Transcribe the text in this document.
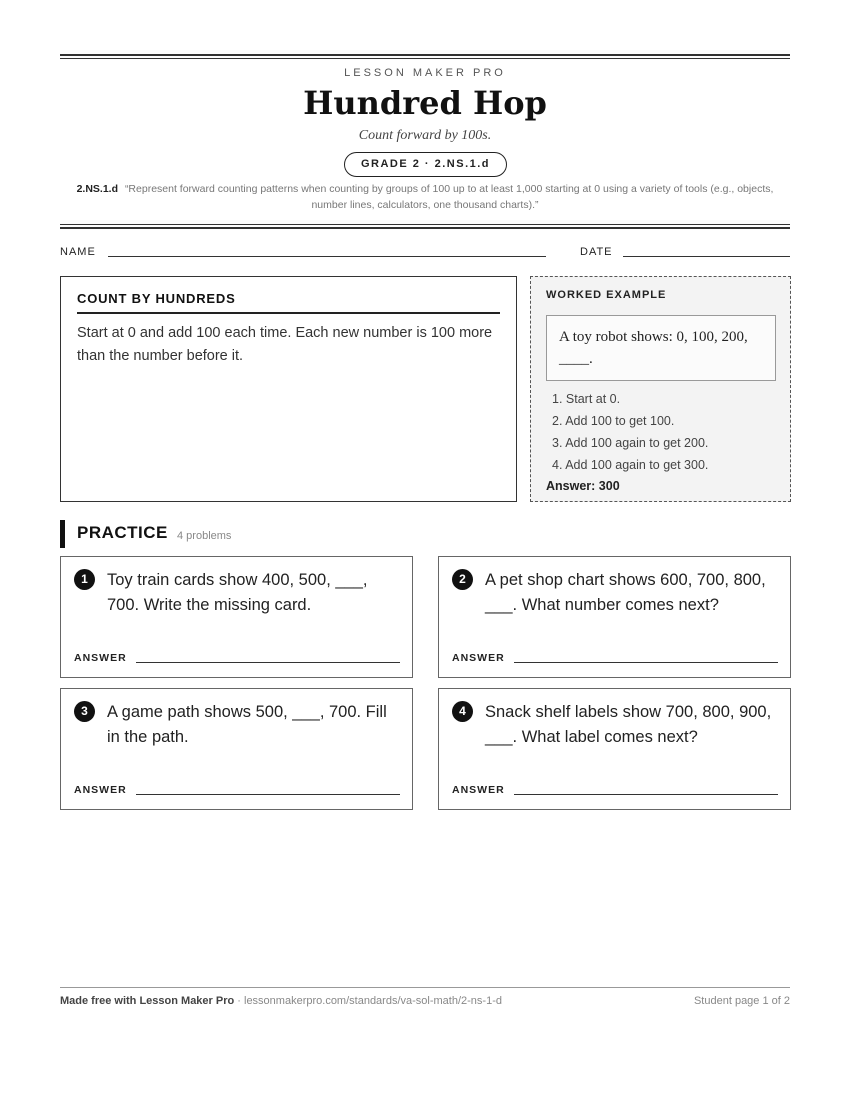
LESSON MAKER PRO
Hundred Hop
Count forward by 100s.
GRADE 2 · 2.NS.1.d
2.NS.1.d “Represent forward counting patterns when counting by groups of 100 up to at least 1,000 starting at 0 using a variety of tools (e.g., objects, number lines, calculators, one thousand charts).”
NAME	DATE
COUNT BY HUNDREDS
Start at 0 and add 100 each time. Each new number is 100 more than the number before it.
WORKED EXAMPLE
A toy robot shows: 0, 100, 200, ____.
1. Start at 0.
2. Add 100 to get 100.
3. Add 100 again to get 200.
4. Add 100 again to get 300.
Answer: 300
PRACTICE 4 problems
1	Toy train cards show 400, 500, ___, 700. Write the missing card.
ANSWER
2	A pet shop chart shows 600, 700, 800, ___. What number comes next?
ANSWER
3	A game path shows 500, ___, 700. Fill in the path.
ANSWER
4	Snack shelf labels show 700, 800, 900, ___. What label comes next?
ANSWER
Made free with Lesson Maker Pro · lessonmakerpro.com/standards/va-sol-math/2-ns-1-d	Student page 1 of 2
